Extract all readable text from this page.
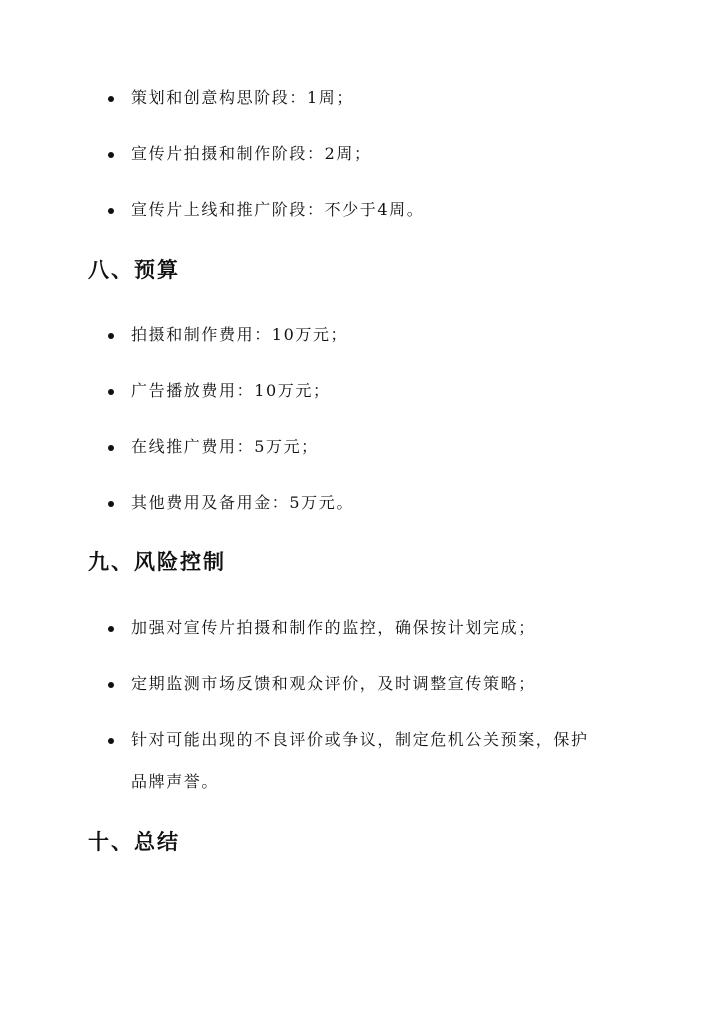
策划和创意构思阶段：1周；
宣传片拍摄和制作阶段：2周；
宣传片上线和推广阶段：不少于4周。
八、预算
拍摄和制作费用：10万元；
广告播放费用：10万元；
在线推广费用：5万元；
其他费用及备用金：5万元。
九、风险控制
加强对宣传片拍摄和制作的监控，确保按计划完成；
定期监测市场反馈和观众评价，及时调整宣传策略；
针对可能出现的不良评价或争议，制定危机公关预案，保护
品牌声誉。
十、总结
